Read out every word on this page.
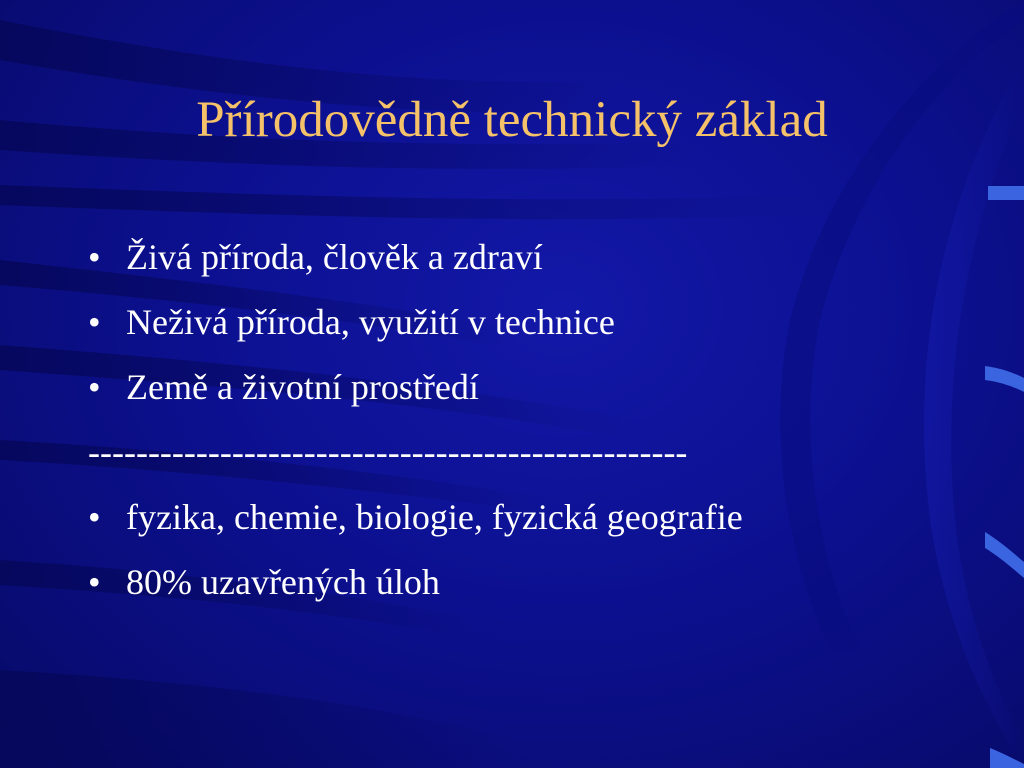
Přírodovědně technický základ
• Živá příroda, člověk a zdraví
• Neživá příroda, využití v technice
• Země a životní prostředí
--------------------------------------------------
• fyzika, chemie, biologie, fyzická geografie
• 80% uzavřených úloh
